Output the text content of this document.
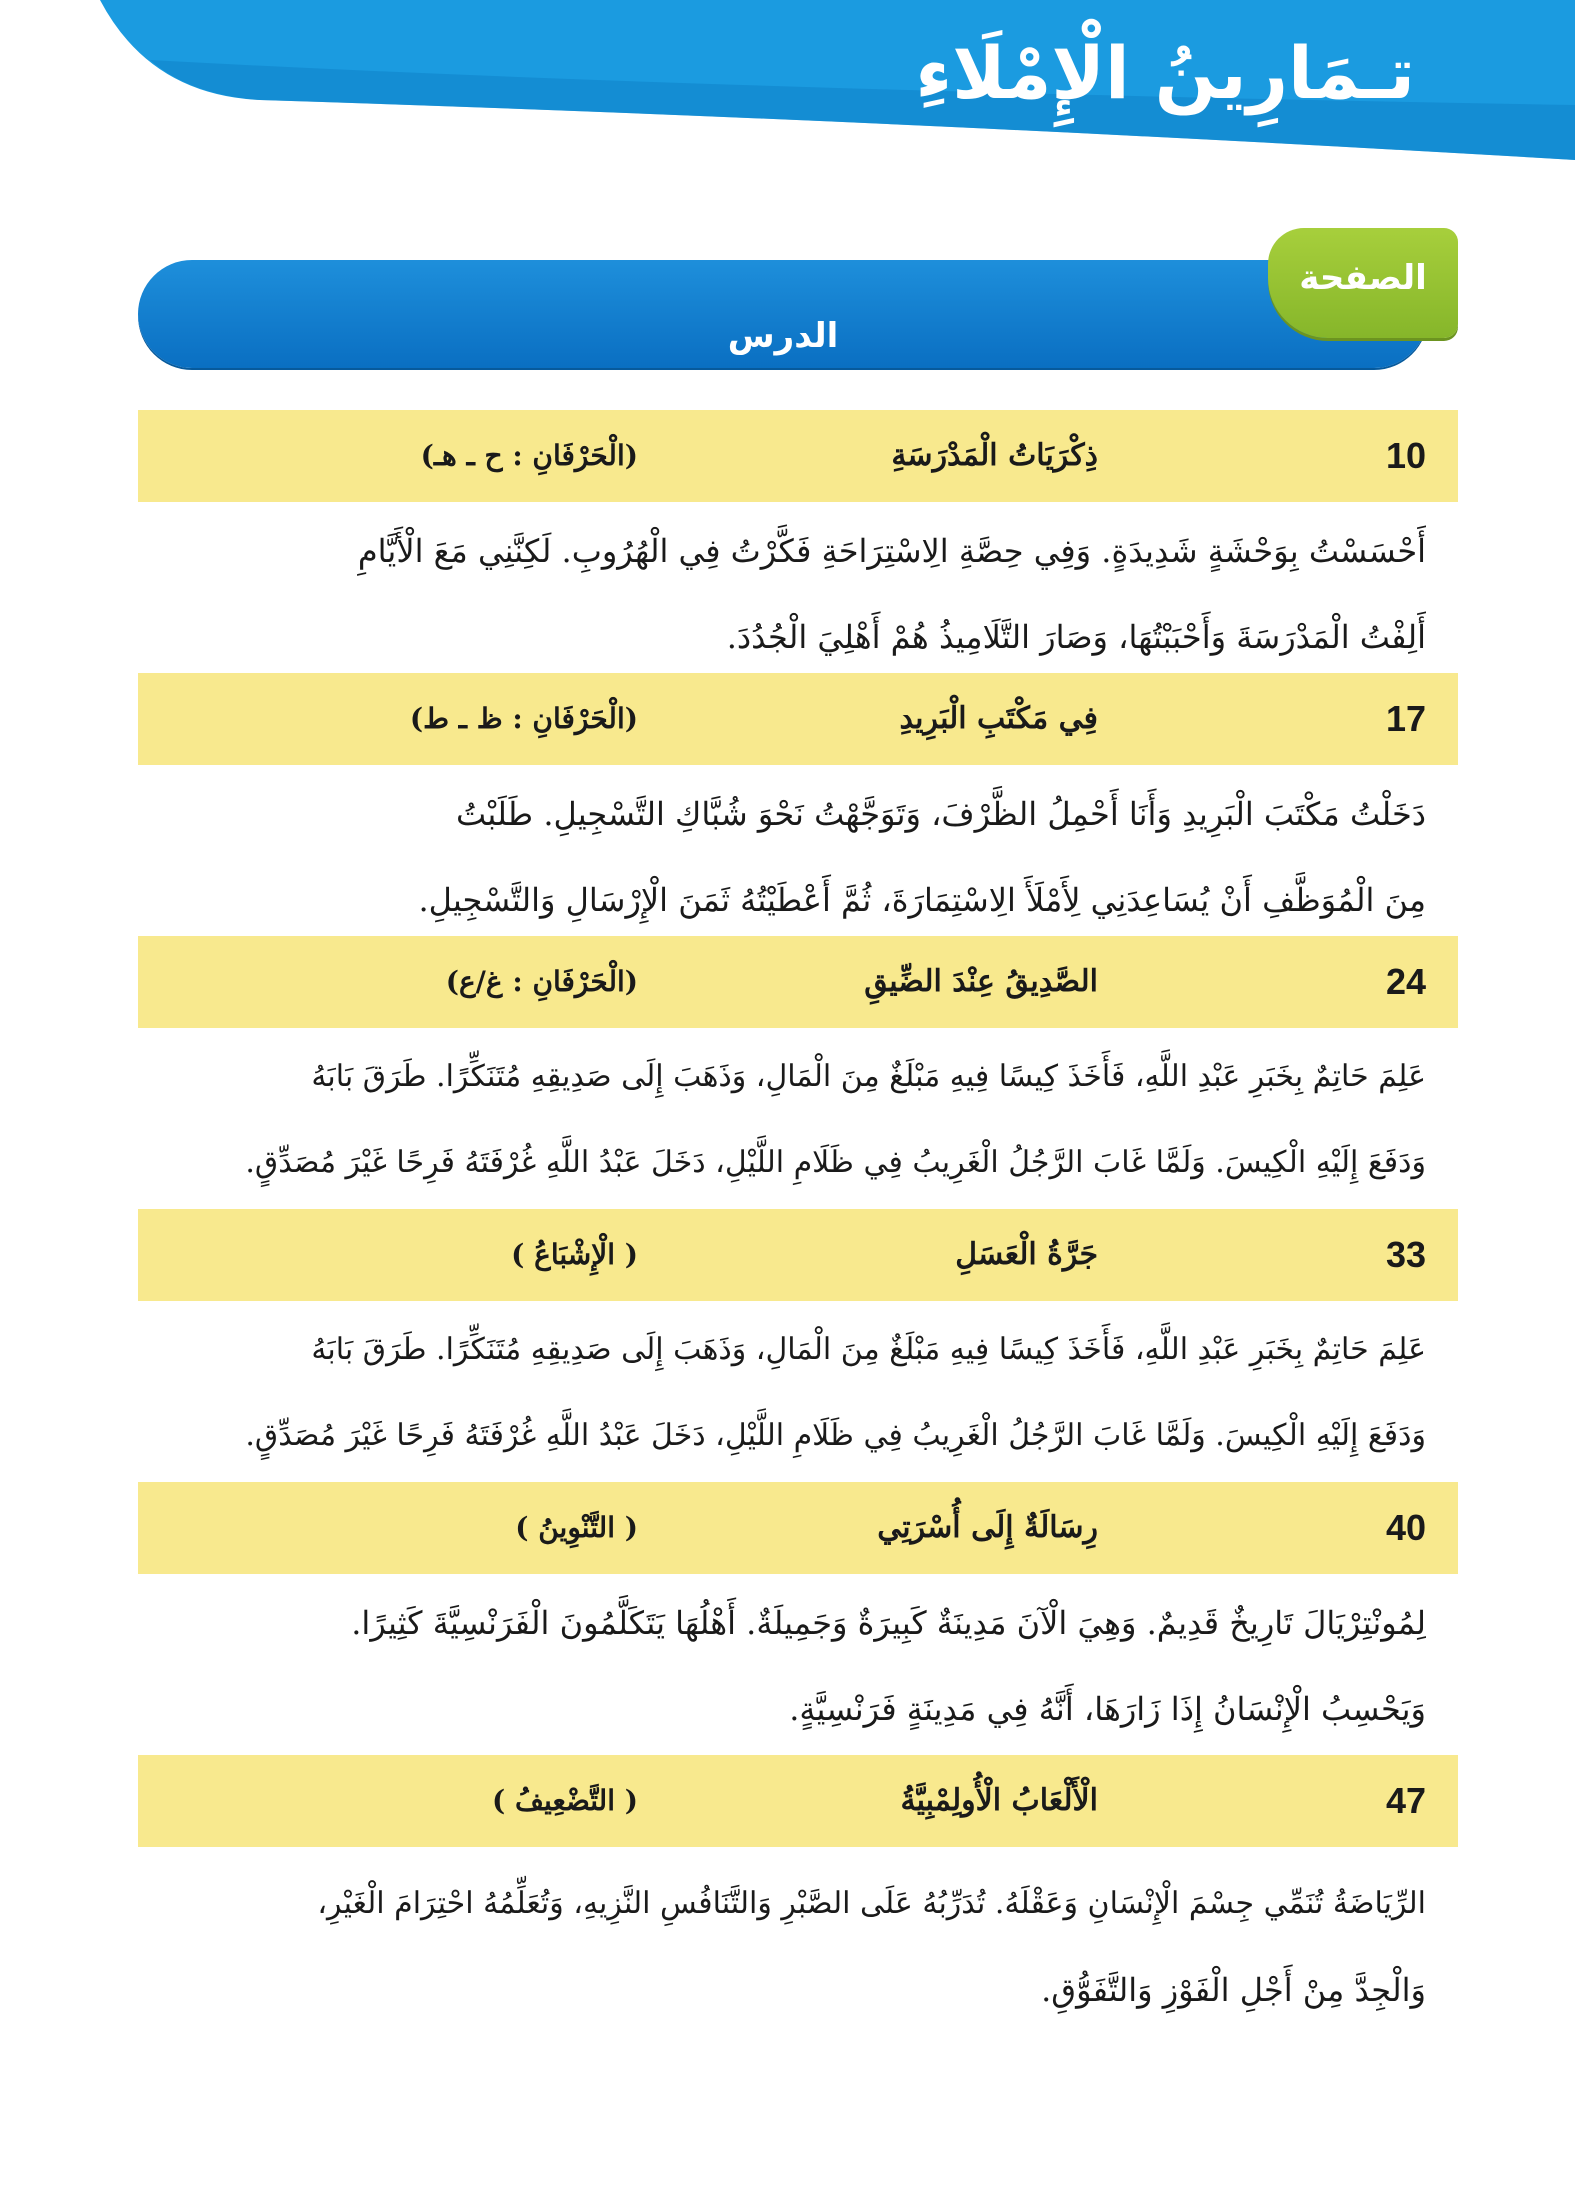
تـمَارِينُ الْإِمْلَاءِ
الدرس
الصفحة
10
ذِكْرَيَاتُ الْمَدْرَسَةِ
(الْحَرْفَانِ : ح ـ هـ)

أَحْسَسْتُ بِوَحْشَةٍ شَدِيدَةٍ. وَفِي حِصَّةِ الِاسْتِرَاحَةِ فَكَّرْتُ فِي الْهُرُوبِ. لَكِنَّنِي مَعَ الْأَيَّامِ

أَلِفْتُ الْمَدْرَسَةَ وَأَحْبَبْتُهَا، وَصَارَ التَّلَامِيذُ هُمْ أَهْلِيَ الْجُدُدَ.

17
فِي مَكْتَبِ الْبَرِيدِ
(الْحَرْفَانِ : ظ ـ ط)

دَخَلْتُ مَكْتَبَ الْبَرِيدِ وَأَنَا أَحْمِلُ الظَّرْفَ، وَتَوَجَّهْتُ نَحْوَ شُبَّاكِ التَّسْجِيلِ. طَلَبْتُ

مِنَ الْمُوَظَّفِ أَنْ يُسَاعِدَنِي لِأَمْلَأَ الِاسْتِمَارَةَ، ثُمَّ أَعْطَيْتُهُ ثَمَنَ الْإِرْسَالِ وَالتَّسْجِيلِ.

24
الصَّدِيقُ عِنْدَ الضِّيقِ
(الْحَرْفَانِ : غ/ع)

عَلِمَ حَاتِمٌ بِخَبَرِ عَبْدِ اللَّهِ، فَأَخَذَ كِيسًا فِيهِ مَبْلَغٌ مِنَ الْمَالِ، وَذَهَبَ إِلَى صَدِيقِهِ مُتَنَكِّرًا. طَرَقَ بَابَهُ

وَدَفَعَ إِلَيْهِ الْكِيسَ. وَلَمَّا غَابَ الرَّجُلُ الْغَرِيبُ فِي ظَلَامِ اللَّيْلِ، دَخَلَ عَبْدُ اللَّهِ غُرْفَتَهُ فَرِحًا غَيْرَ مُصَدِّقٍ.

33
جَرَّةُ الْعَسَلِ
( الْإِشْبَاعُ )

عَلِمَ حَاتِمٌ بِخَبَرِ عَبْدِ اللَّهِ، فَأَخَذَ كِيسًا فِيهِ مَبْلَغٌ مِنَ الْمَالِ، وَذَهَبَ إِلَى صَدِيقِهِ مُتَنَكِّرًا. طَرَقَ بَابَهُ

وَدَفَعَ إِلَيْهِ الْكِيسَ. وَلَمَّا غَابَ الرَّجُلُ الْغَرِيبُ فِي ظَلَامِ اللَّيْلِ، دَخَلَ عَبْدُ اللَّهِ غُرْفَتَهُ فَرِحًا غَيْرَ مُصَدِّقٍ.

40
رِسَالَةٌ إِلَى أُسْرَتِي
( التَّنْوِينُ )

لِمُونْتِرْيَالَ تَارِيخٌ قَدِيمٌ. وَهِيَ الْآنَ مَدِينَةٌ كَبِيرَةٌ وَجَمِيلَةٌ. أَهْلُهَا يَتَكَلَّمُونَ الْفَرَنْسِيَّةَ كَثِيرًا.

وَيَحْسِبُ الْإِنْسَانُ إِذَا زَارَهَا، أَنَّهُ فِي مَدِينَةٍ فَرَنْسِيَّةٍ.

47
الْأَلْعَابُ الْأُولِمْبِيَّةُ
( التَّضْعِيفُ )

الرِّيَاضَةُ تُنَمِّي جِسْمَ الْإِنْسَانِ وَعَقْلَهُ. تُدَرِّبُهُ عَلَى الصَّبْرِ وَالتَّنَافُسِ النَّزِيهِ، وَتُعَلِّمُهُ احْتِرَامَ الْغَيْرِ،

وَالْجِدَّ مِنْ أَجْلِ الْفَوْزِ وَالتَّفَوُّقِ.
